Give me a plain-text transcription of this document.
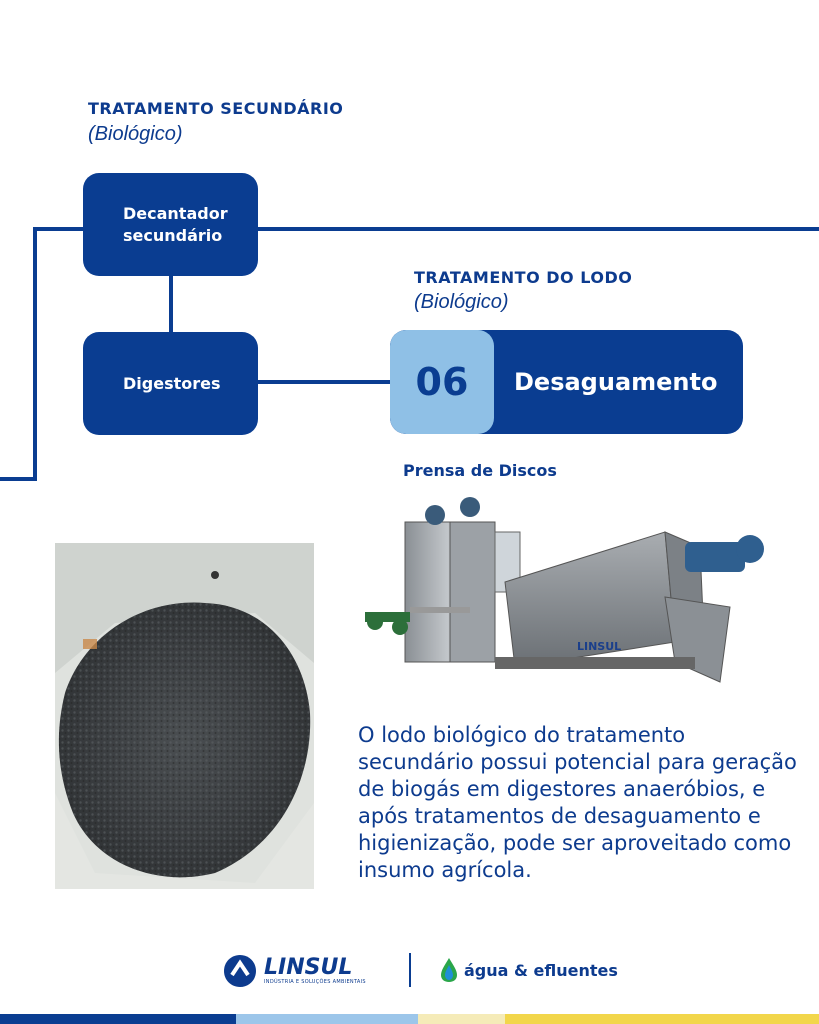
TRATAMENTO SECUNDÁRIO
(Biológico)
TRATAMENTO DO LODO
(Biológico)
Decantador
secundário
Digestores	06	Desaguamento
Prensa de Discos
LINSUL
O lodo biológico do tratamento secundário possui potencial para geração de biogás em digestores anaeróbios, e após tratamentos de desaguamento e higienização, pode ser aproveitado como insumo agrícola.
LINSUL
INDÚSTRIA E SOLUÇÕES AMBIENTAIS
água & efluentes
